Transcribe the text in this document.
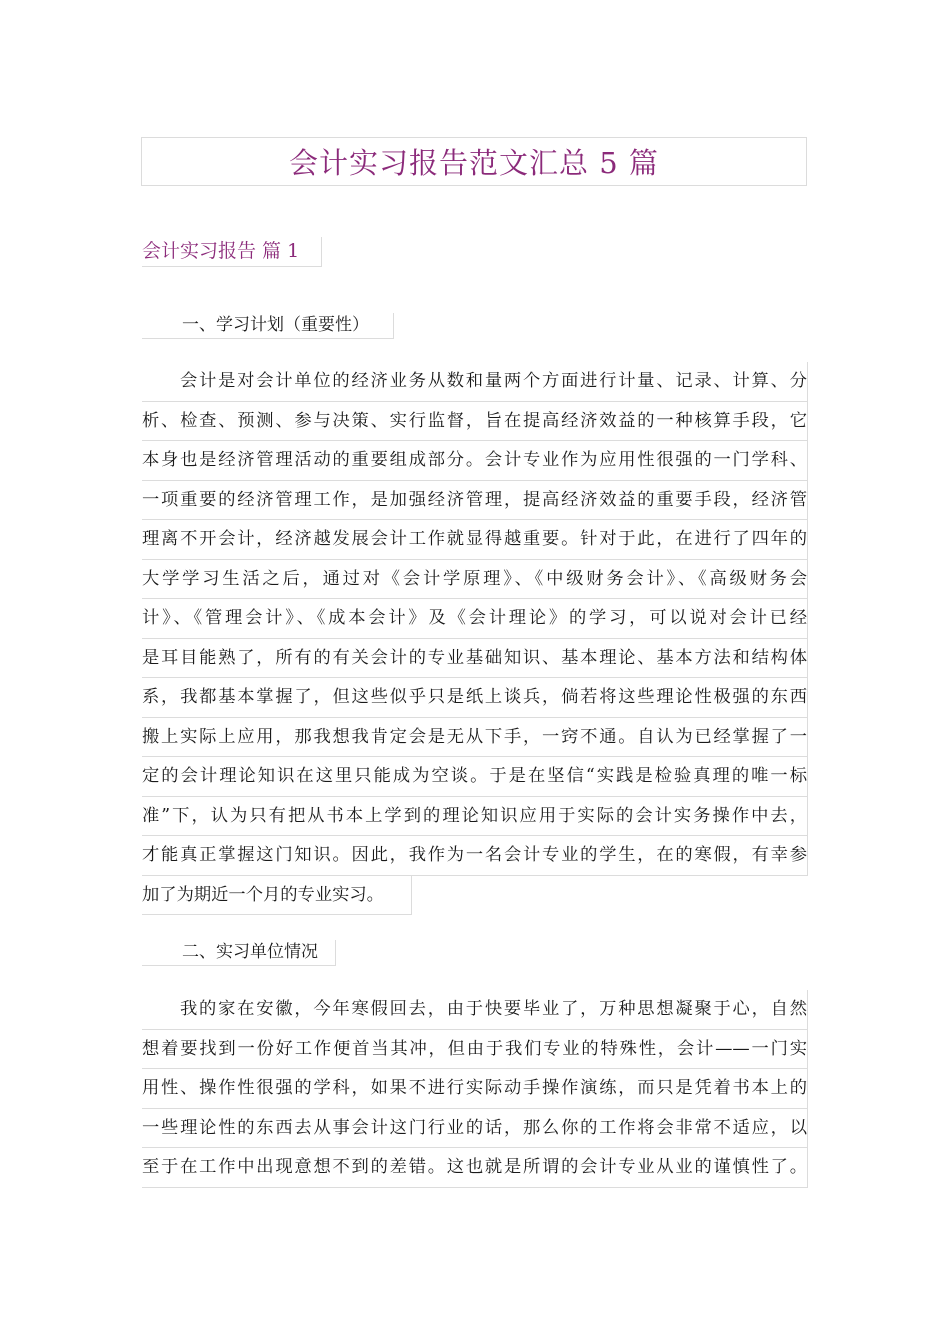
会计实习报告范文汇总 5 篇
会计实习报告 篇 1
一、学习计划（重要性）
会计是对会计单位的经济业务从数和量两个方面进行计量、记录、计算、分
析、检查、预测、参与决策、实行监督，旨在提高经济效益的一种核算手段，它
本身也是经济管理活动的重要组成部分。会计专业作为应用性很强的一门学科、
一项重要的经济管理工作，是加强经济管理，提高经济效益的重要手段，经济管
理离不开会计，经济越发展会计工作就显得越重要。针对于此，在进行了四年的
大学学习生活之后，通过对《会计学原理》、《中级财务会计》、《高级财务会
计》、《管理会计》、《成本会计》及《会计理论》的学习，可以说对会计已经
是耳目能熟了，所有的有关会计的专业基础知识、基本理论、基本方法和结构体
系，我都基本掌握了，但这些似乎只是纸上谈兵，倘若将这些理论性极强的东西
搬上实际上应用，那我想我肯定会是无从下手，一窍不通。自认为已经掌握了一
定的会计理论知识在这里只能成为空谈。于是在坚信“实践是检验真理的唯一标
准”下，认为只有把从书本上学到的理论知识应用于实际的会计实务操作中去，
才能真正掌握这门知识。因此，我作为一名会计专业的学生，在的寒假，有幸参
加了为期近一个月的专业实习。
二、实习单位情况
我的家在安徽，今年寒假回去，由于快要毕业了，万种思想凝聚于心，自然
想着要找到一份好工作便首当其冲，但由于我们专业的特殊性，会计——一门实
用性、操作性很强的学科，如果不进行实际动手操作演练，而只是凭着书本上的
一些理论性的东西去从事会计这门行业的话，那么你的工作将会非常不适应，以
至于在工作中出现意想不到的差错。这也就是所谓的会计专业从业的谨慎性了。
